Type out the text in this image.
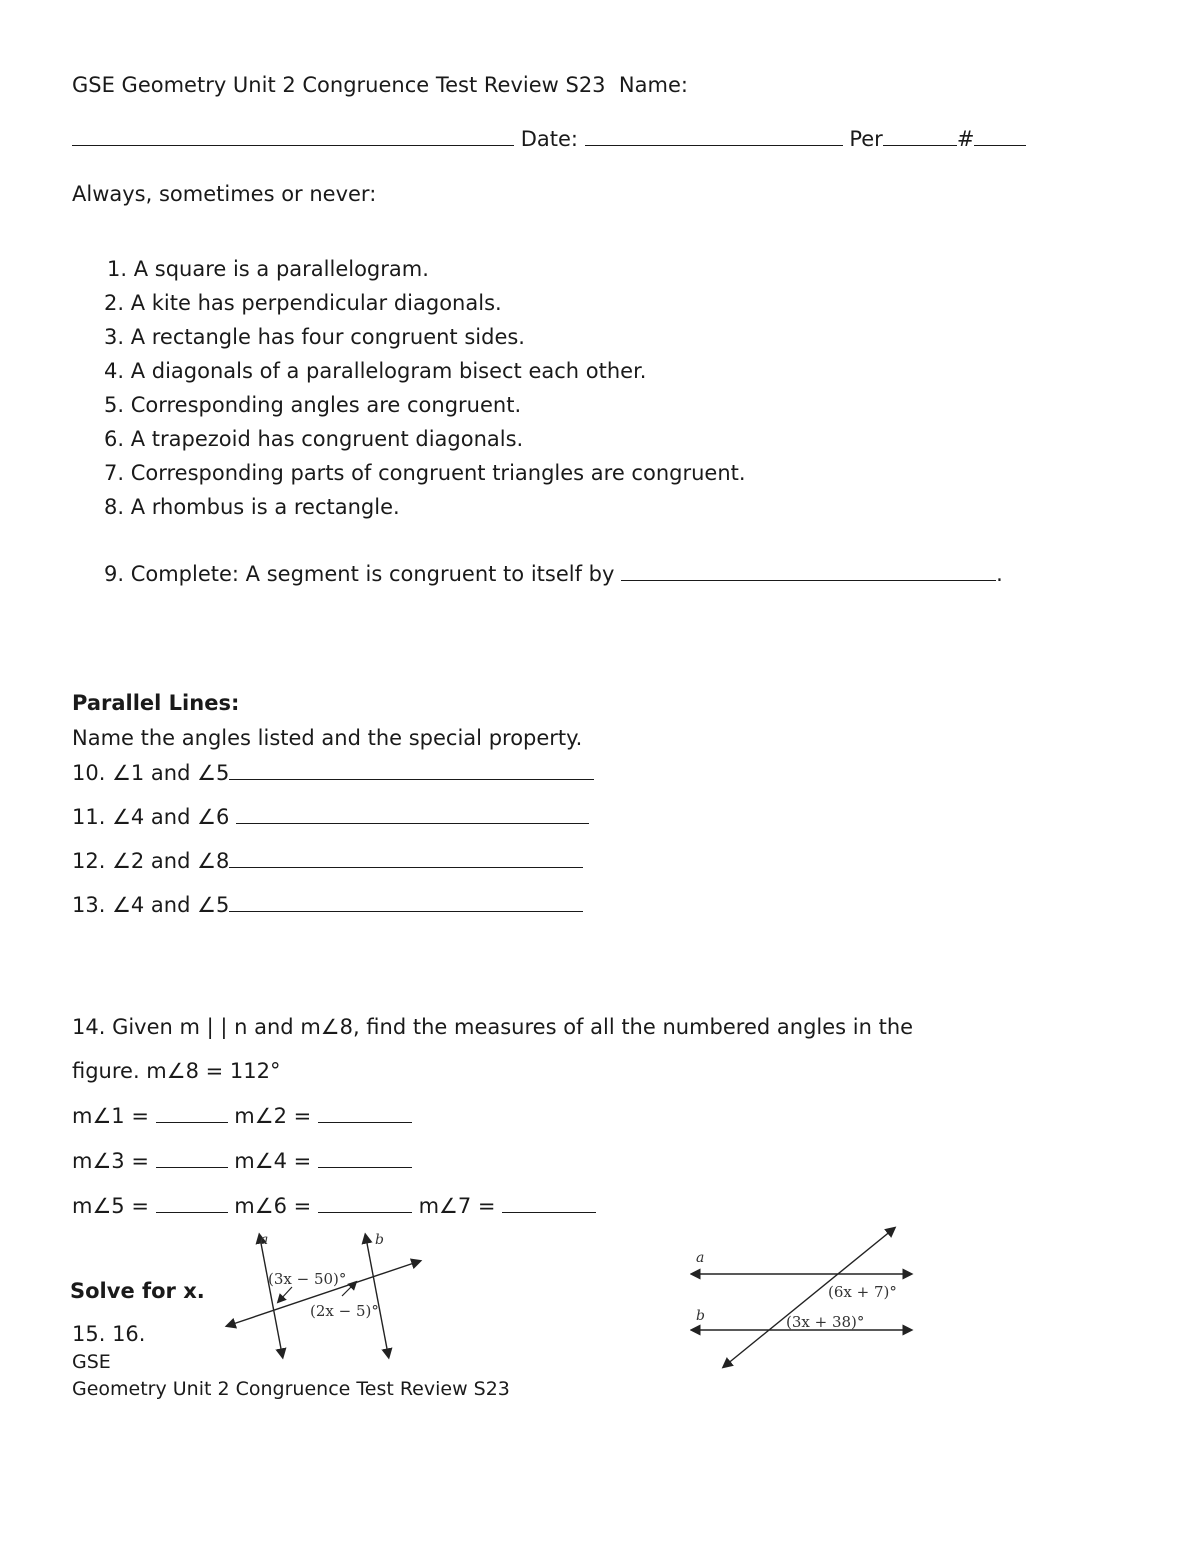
GSE Geometry Unit 2 Congruence Test Review S23 Name:
Date:	Per	#
Always, sometimes or never:
1. A square is a parallelogram.
2. A kite has perpendicular diagonals.
3. A rectangle has four congruent sides.
4. A diagonals of a parallelogram bisect each other.
5. Corresponding angles are congruent.
6. A trapezoid has congruent diagonals.
7. Corresponding parts of congruent triangles are congruent.
8. A rhombus is a rectangle.
9. Complete: A segment is congruent to itself by	.
Parallel Lines:
Name the angles listed and the special property.
10. ∠1 and ∠5
11. ∠4 and ∠6
12. ∠2 and ∠8
13. ∠4 and ∠5
14. Given m | | n and m∠8, find the measures of all the numbered angles in the
figure. m∠8 = 112°
m∠1 =	m∠2 =
m∠3 =	m∠4 =
m∠5 =	m∠6 =	m∠7 =
Solve for x.
15. 16.
GSE
Geometry Unit 2 Congruence Test Review S23
a	b
(3x − 50)°
(2x − 5)°
a
b
(6x + 7)°
(3x + 38)°
